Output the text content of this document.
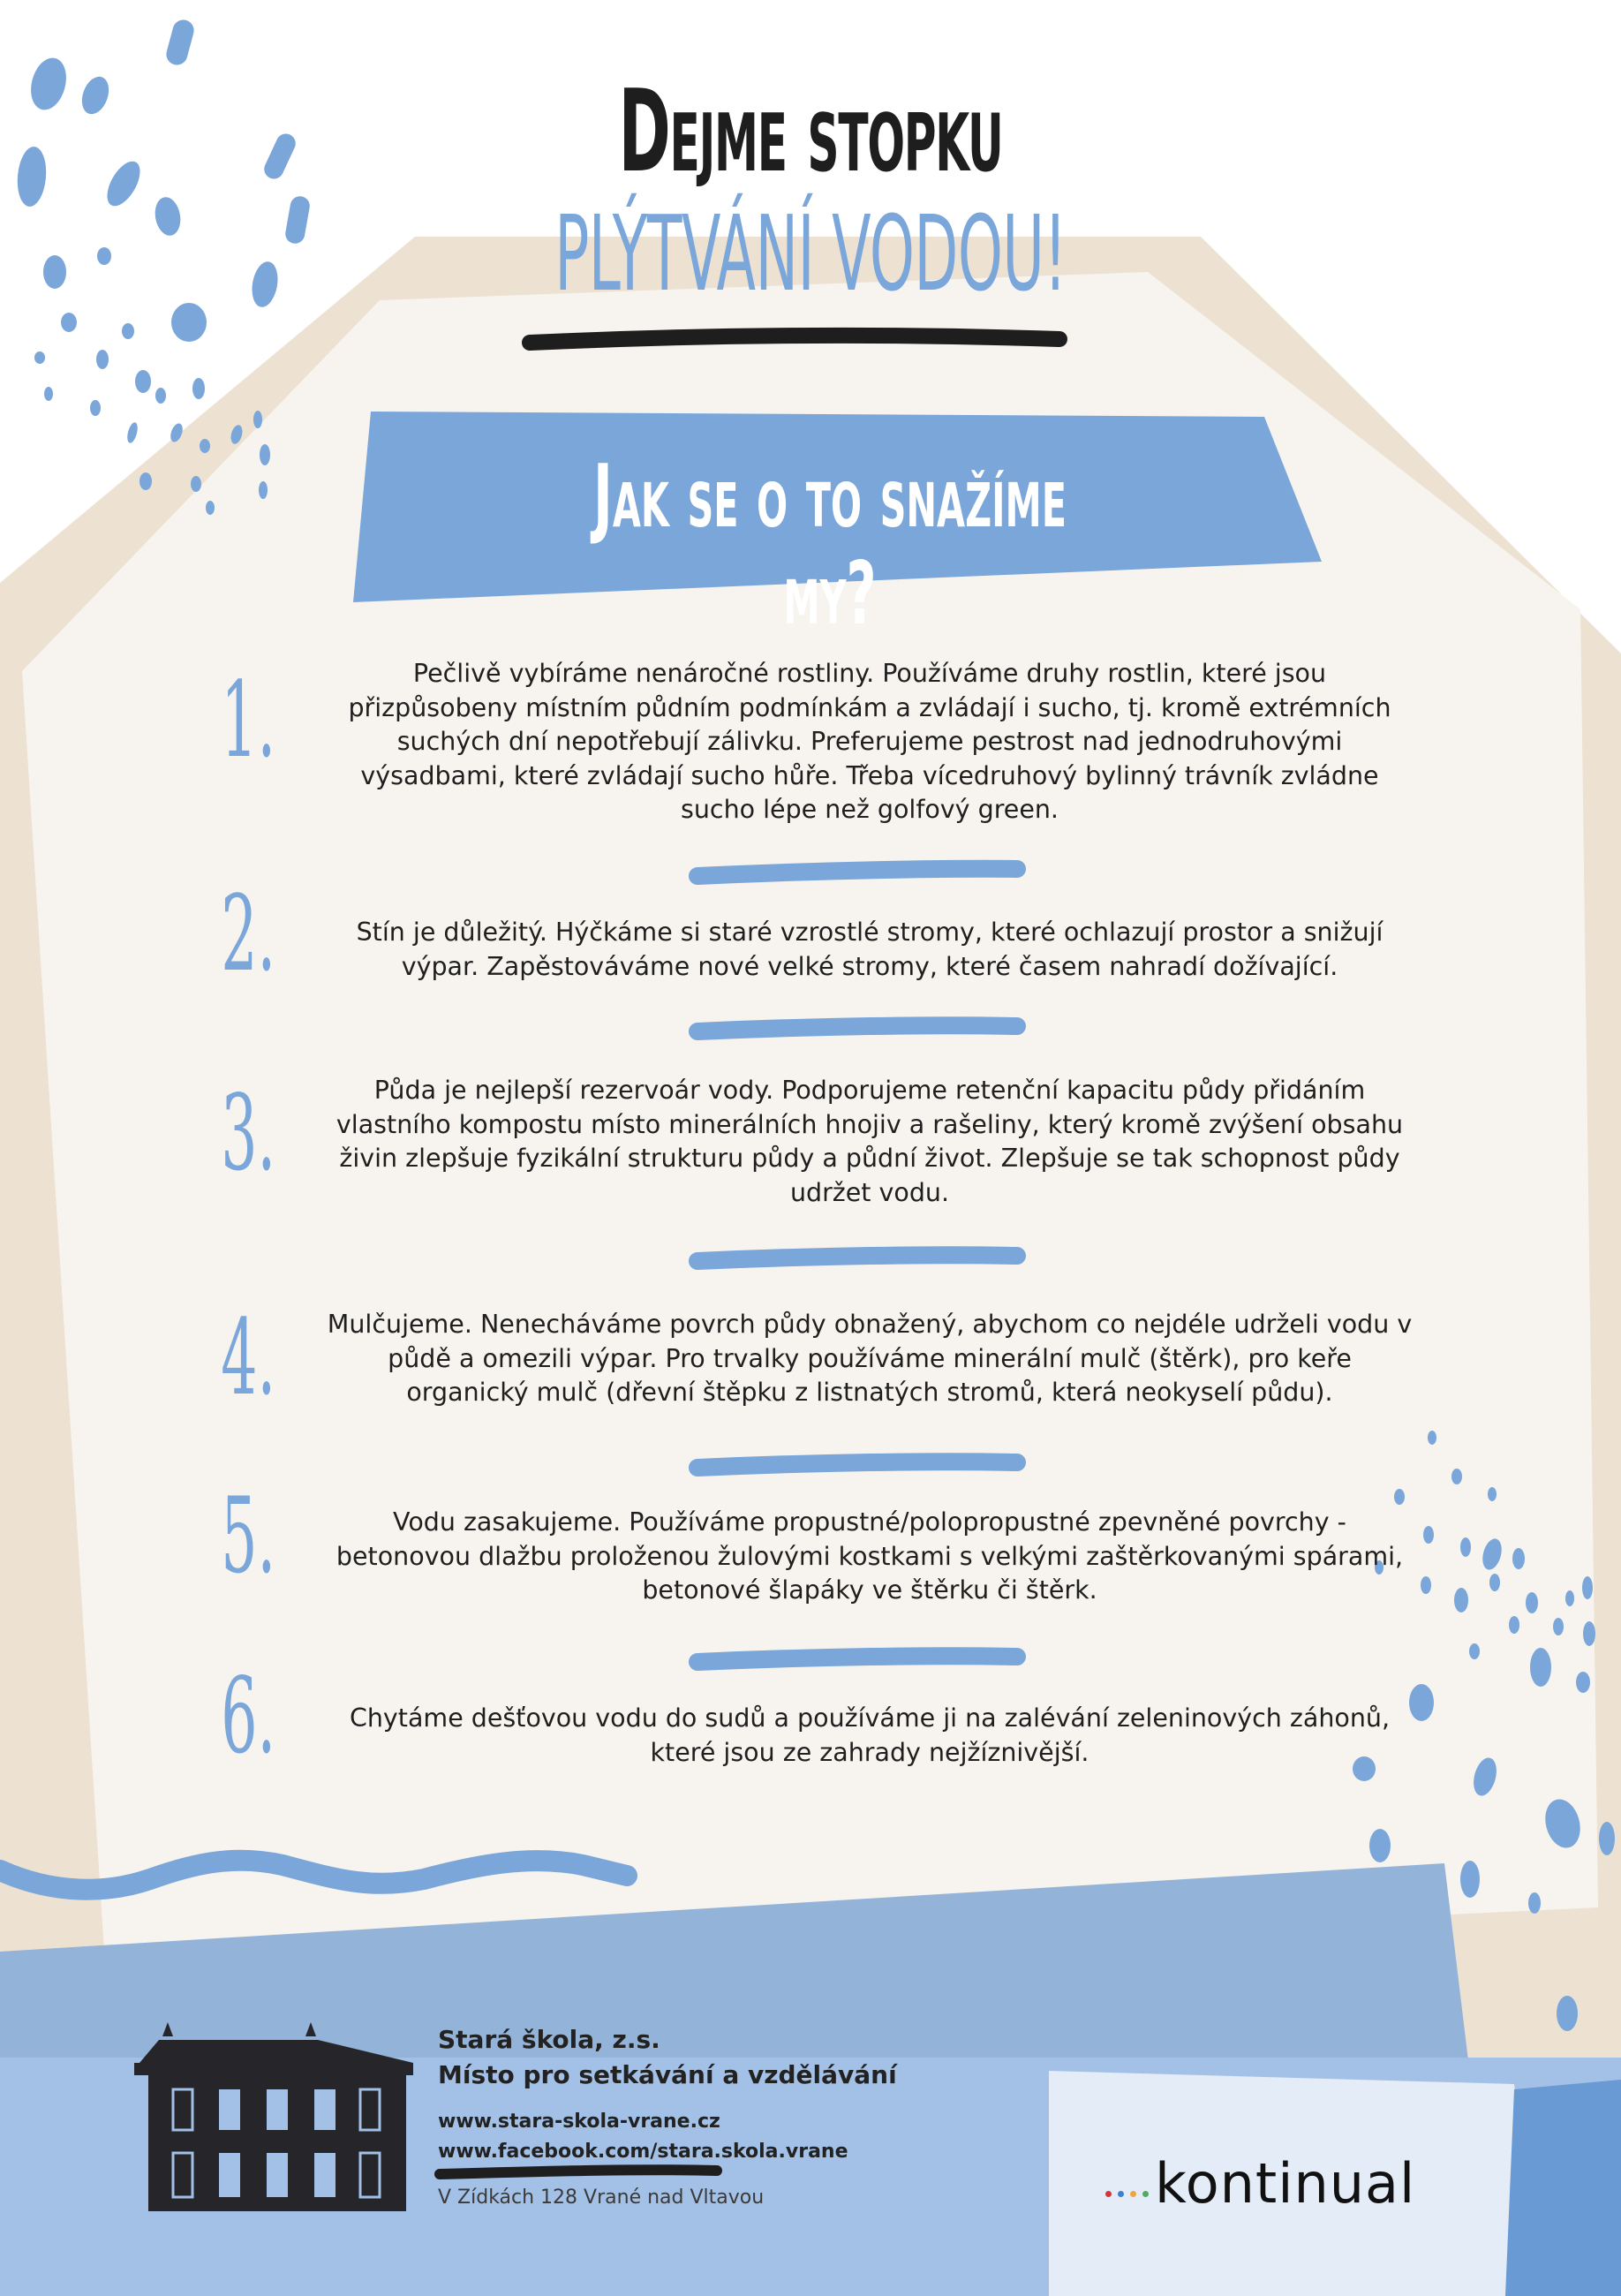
Dejme stopku
PLÝTVÁNÍ VODOU!
Jak se o to snažíme my?
1.	Pečlivě vybíráme nenáročné rostliny. Používáme druhy rostlin, které jsou přizpůsobeny místním půdním podmínkám a zvládají i sucho, tj. kromě extrémních suchých dní nepotřebují zálivku. Preferujeme pestrost nad jednodruhovými výsadbami, které zvládají sucho hůře. Třeba vícedruhový bylinný trávník zvládne sucho lépe než golfový green.
2.	Stín je důležitý. Hýčkáme si staré vzrostlé stromy, které ochlazují prostor a snižují výpar. Zapěstováváme nové velké stromy, které časem nahradí dožívající.
3.	Půda je nejlepší rezervoár vody. Podporujeme retenční kapacitu půdy přidáním vlastního kompostu místo minerálních hnojiv a rašeliny, který kromě zvýšení obsahu živin zlepšuje fyzikální strukturu půdy a půdní život. Zlepšuje se tak schopnost půdy udržet vodu.
4. Mulčujeme. Nenecháváme povrch půdy obnažený, abychom co nejdéle udrželi vodu v půdě a omezili výpar. Pro trvalky používáme minerální mulč (štěrk), pro keře organický mulč (dřevní štěpku z listnatých stromů, která neokyselí půdu).
5.	Vodu zasakujeme. Používáme propustné/polopropustné zpevněné povrchy - betonovou dlažbu proloženou žulovými kostkami s velkými zaštěrkovanými spárami, betonové šlapáky ve štěrku či štěrk.
6.	Chytáme dešťovou vodu do sudů a používáme ji na zalévání zeleninových záhonů, které jsou ze zahrady nejžíznivější.
Stará škola, z.s.
Místo pro setkávání a vzdělávání
www.stara-skola-vrane.cz
www.facebook.com/stara.skola.vrane
V Zídkách 128 Vrané nad Vltavou	kontinual
